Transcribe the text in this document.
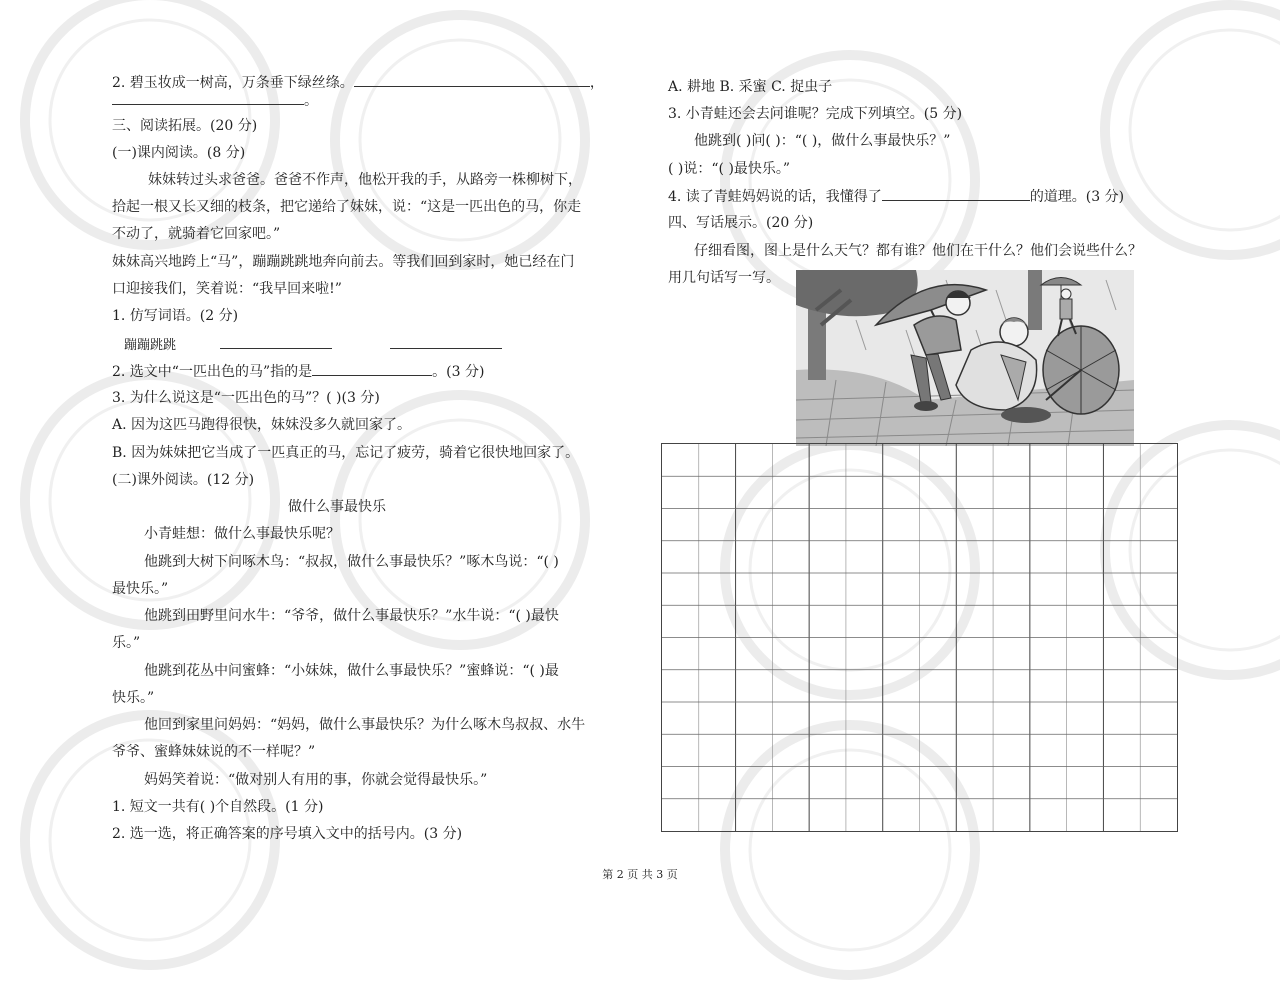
2. 碧玉妆成一树高，万条垂下绿丝绦。	，
。
三、阅读拓展。(20 分)
(一)课内阅读。(8 分)
妹妹转过头求爸爸。爸爸不作声，他松开我的手，从路旁一株柳树下，
拾起一根又长又细的枝条，把它递给了妹妹，说：“这是一匹出色的马，你走
不动了，就骑着它回家吧。”
妹妹高兴地跨上“马”，蹦蹦跳跳地奔向前去。等我们回到家时，她已经在门
口迎接我们，笑着说：“我早回来啦!”
1. 仿写词语。(2 分)
蹦蹦跳跳
2. 选文中“一匹出色的马”指的是	。(3 分)
3. 为什么说这是“一匹出色的马”？( )(3 分)
A. 因为这匹马跑得很快，妹妹没多久就回家了。
B. 因为妹妹把它当成了一匹真正的马，忘记了疲劳，骑着它很快地回家了。
(二)课外阅读。(12 分)
做什么事最快乐
小青蛙想：做什么事最快乐呢？
他跳到大树下问啄木鸟：“叔叔，做什么事最快乐？”啄木鸟说：“( )
最快乐。”
他跳到田野里问水牛：“爷爷，做什么事最快乐？”水牛说：“( )最快
乐。”
他跳到花丛中问蜜蜂：“小妹妹，做什么事最快乐？”蜜蜂说：“( )最
快乐。”
他回到家里问妈妈：“妈妈，做什么事最快乐？为什么啄木鸟叔叔、水牛
爷爷、蜜蜂妹妹说的不一样呢？”
妈妈笑着说：“做对别人有用的事，你就会觉得最快乐。”
1. 短文一共有( )个自然段。(1 分)
2. 选一选，将正确答案的序号填入文中的括号内。(3 分)
A. 耕地 B. 采蜜 C. 捉虫子
3. 小青蛙还会去问谁呢？完成下列填空。(5 分)
他跳到( )问( )：“( )，做什么事最快乐？”
( )说：“( )最快乐。”
4. 读了青蛙妈妈说的话，我懂得了	的道理。(3 分)
四、写话展示。(20 分)
仔细看图，图上是什么天气？都有谁？他们在干什么？他们会说些什么？
用几句话写一写。
第 2 页 共 3 页
